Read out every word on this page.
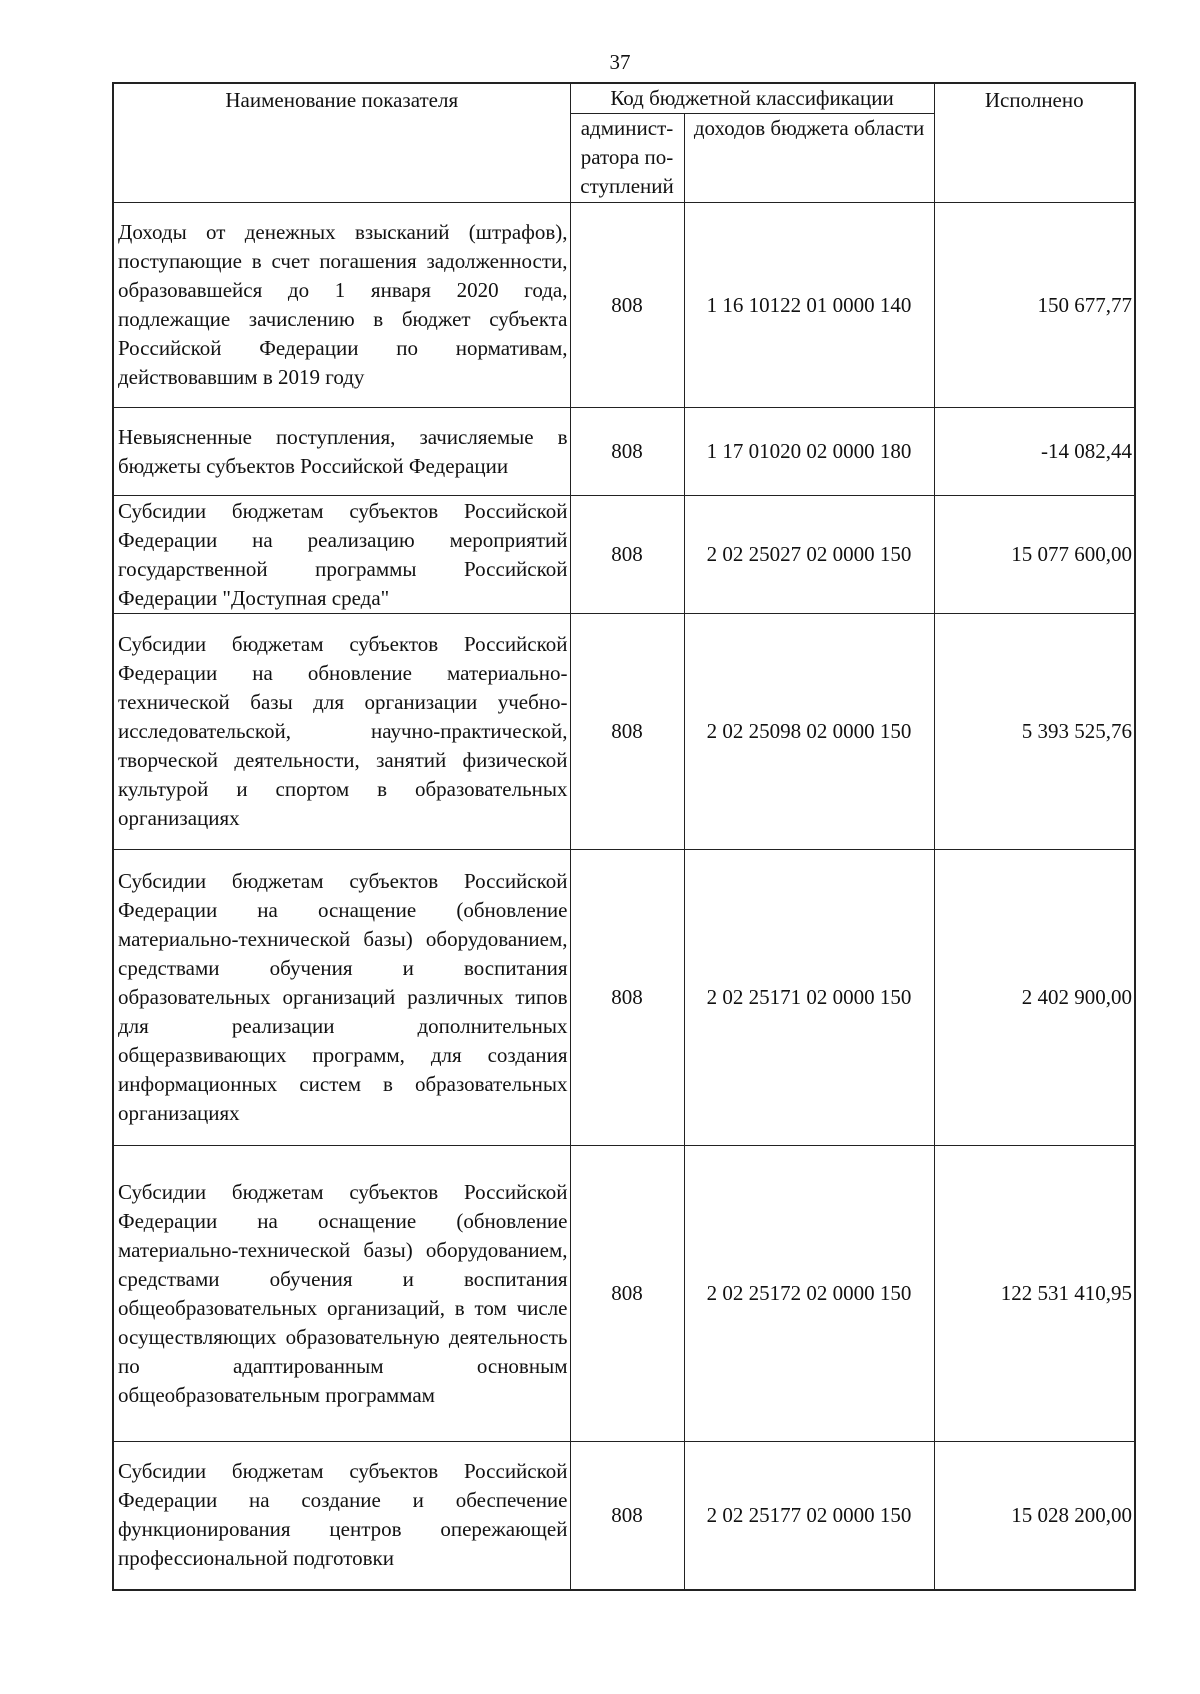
37
Наименование показателя	Код бюджетной классификации		Исполнено
	админист-ратора по-ступлений	доходов бюджета области	
Доходы от денежных взысканий (штрафов), поступающие в счет погашения задолженности, образовавшейся до 1 января 2020 года, подлежащие зачислению в бюджет субъекта Российской Федерации по нормативам, действовавшим в 2019 году	808	1 16 10122 01 0000 140	150 677,77
Невыясненные поступления, зачисляемые в бюджеты субъектов Российской Федерации	808	1 17 01020 02 0000 180	-14 082,44
Субсидии бюджетам субъектов Российской Федерации на реализацию мероприятий государственной программы Российской Федерации "Доступная среда"	808	2 02 25027 02 0000 150	15 077 600,00
Субсидии бюджетам субъектов Российской Федерации на обновление материально-технической базы для организации учебно-исследовательской, научно-практической, творческой деятельности, занятий физической культурой и спортом в образовательных организациях	808	2 02 25098 02 0000 150	5 393 525,76
Субсидии бюджетам субъектов Российской Федерации на оснащение (обновление материально-технической базы) оборудованием, средствами обучения и воспитания образовательных организаций различных типов для реализации дополнительных общеразвивающих программ, для создания информационных систем в образовательных организациях	808	2 02 25171 02 0000 150	2 402 900,00
Субсидии бюджетам субъектов Российской Федерации на оснащение (обновление материально-технической базы) оборудованием, средствами обучения и воспитания общеобразовательных организаций, в том числе осуществляющих образовательную деятельность по адаптированным основным общеобразовательным программам	808	2 02 25172 02 0000 150	122 531 410,95
Субсидии бюджетам субъектов Российской Федерации на создание и обеспечение функционирования центров опережающей профессиональной подготовки	808	2 02 25177 02 0000 150	15 028 200,00
